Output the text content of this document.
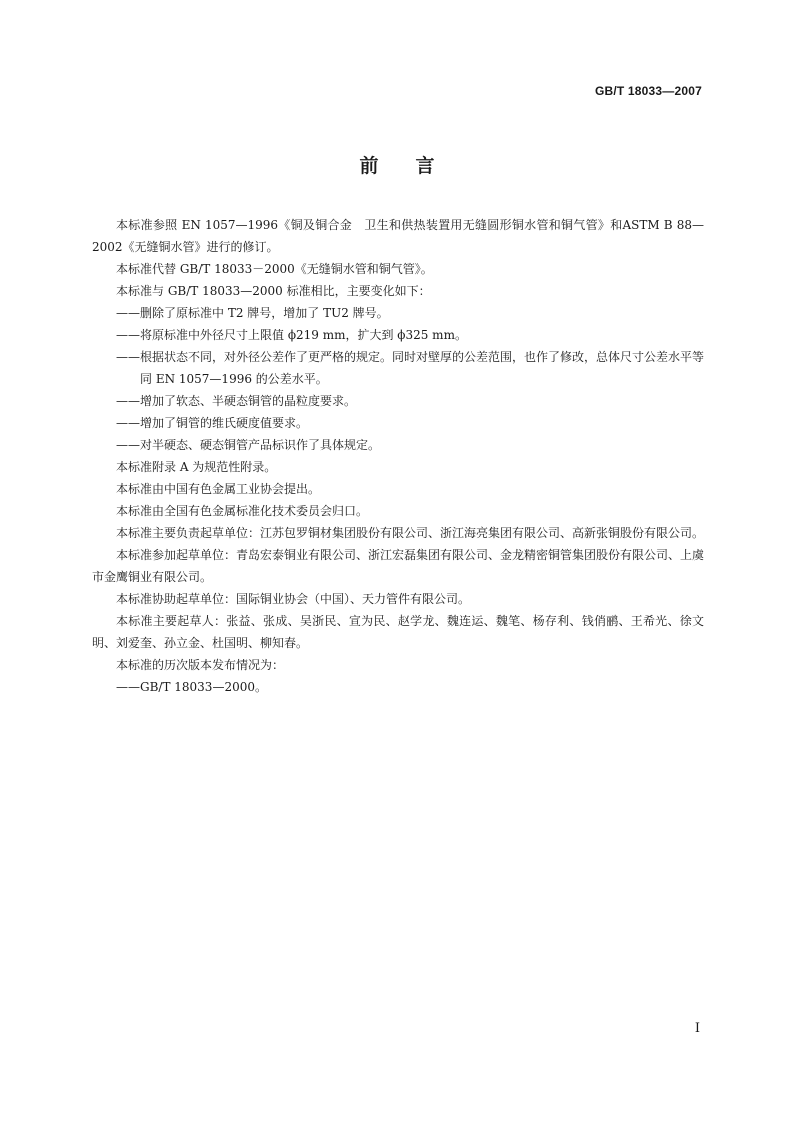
GB/T 18033—2007
前言

本标准参照 EN 1057—1996《铜及铜合金　卫生和供热装置用无缝圆形铜水管和铜气管》和ASTM B 88—2002《无缝铜水管》进行的修订。

本标准代替 GB/T 18033－2000《无缝铜水管和铜气管》。

本标准与 GB/T 18033—2000 标准相比，主要变化如下：

——删除了原标准中 T2 牌号，增加了 TU2 牌号。

——将原标准中外径尺寸上限值 ϕ219 mm，扩大到 ϕ325 mm。

——根据状态不同，对外径公差作了更严格的规定。同时对壁厚的公差范围，也作了修改，总体尺寸公差水平等同 EN 1057—1996 的公差水平。

——增加了软态、半硬态铜管的晶粒度要求。

——增加了铜管的维氏硬度值要求。

——对半硬态、硬态铜管产品标识作了具体规定。

本标准附录 A 为规范性附录。

本标准由中国有色金属工业协会提出。

本标准由全国有色金属标准化技术委员会归口。

本标准主要负责起草单位：江苏包罗铜材集团股份有限公司、浙江海亮集团有限公司、高新张铜股份有限公司。

本标准参加起草单位：青岛宏泰铜业有限公司、浙江宏磊集团有限公司、金龙精密铜管集团股份有限公司、上虞市金鹰铜业有限公司。

本标准协助起草单位：国际铜业协会（中国）、天力管件有限公司。

本标准主要起草人：张益、张成、吴浙民、宣为民、赵学龙、魏连运、魏笔、杨存利、钱俏鹂、王希光、徐文明、刘爱奎、孙立金、杜国明、柳知春。

本标准的历次版本发布情况为：

——GB/T 18033—2000。

I
